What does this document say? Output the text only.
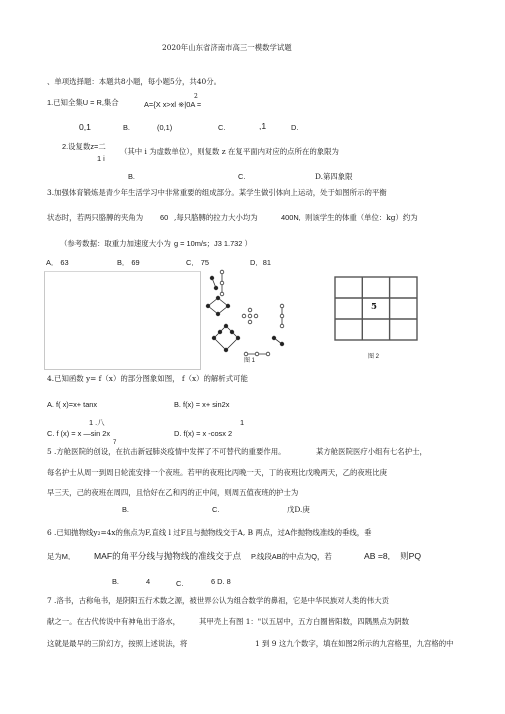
2020年山东省济南市高三一模数学试题
、单项选择题：本题共8小题，每小题5分，共40分。
1.已知全集U = R,集合
2
A={X x>xl ※|0A =
0,1	B.	(0,1)	C.	,1	D.
2.设复数z=二
1 i
（其中 i 为虚数单位），则复数 z 在复平面内对应的点所在的象限为
B.	C.	D.第四象限
3.加强体育锻炼是青少年生活学习中非常重要的组成部分。某学生做引体向上运动，处于如图所示的平衡
状态时，若两只胳膊的夹角为 60 ,每只胳膊的拉力大小均为	400N, 则该学生的体重（单位：kg）约为
（参考数据：取重力加速度大小为 g = 10m/s；J3 1.732 ）
A． 63	B． 69	C． 75	D．81
图 1
5
图 2
4.已知函数 y= f（x）的部分图象如图， f（x）的解析式可能
A. f( x)=x+ tanx	B. f(x) = x+ sin2x
1 .八	1
C. f (x) = x —sin 2x
7
D. f(x) = x -cosx 2
5 .方舱医院的创设，在抗击新冠肺炎疫情中发挥了不可替代的重要作用。	某方舱医院医疗小组有七名护士，
每名护士从周一到周日轮流安排一个夜班。若甲的夜班比丙晚一天，丁的夜班比戊晚两天，乙的夜班比庚
早三天，己的夜班在周四，且恰好在乙和丙的正中间，则周五值夜班的护士为
B.	C.	戊D.庚
6 .已知抛物线y₂=4x的焦点为F,直线 l 过F且与抛物线交于A, B 两点，过A作抛物线准线的垂线，垂
足为M,	MAF的角平分线与抛物线的准线交于点 P.线段AB的中点为Q，若	AB =8, 则PQ
B.	4	C.	6 D. 8
7 .洛书，古称龟书，是阴阳五行术数之源，被世界公认为组合数学的鼻祖，它是中华民族对人类的伟大贡
献之一。在古代传说中有神龟出于洛水，	其甲壳上有图 1："以五居中，五方白圈皆阳数，四隅黑点为阴数
这就是最早的三阶幻方，按照上述说法，将	1 到 9 这九个数字，填在如图2所示的九宫格里，九宫格的中
